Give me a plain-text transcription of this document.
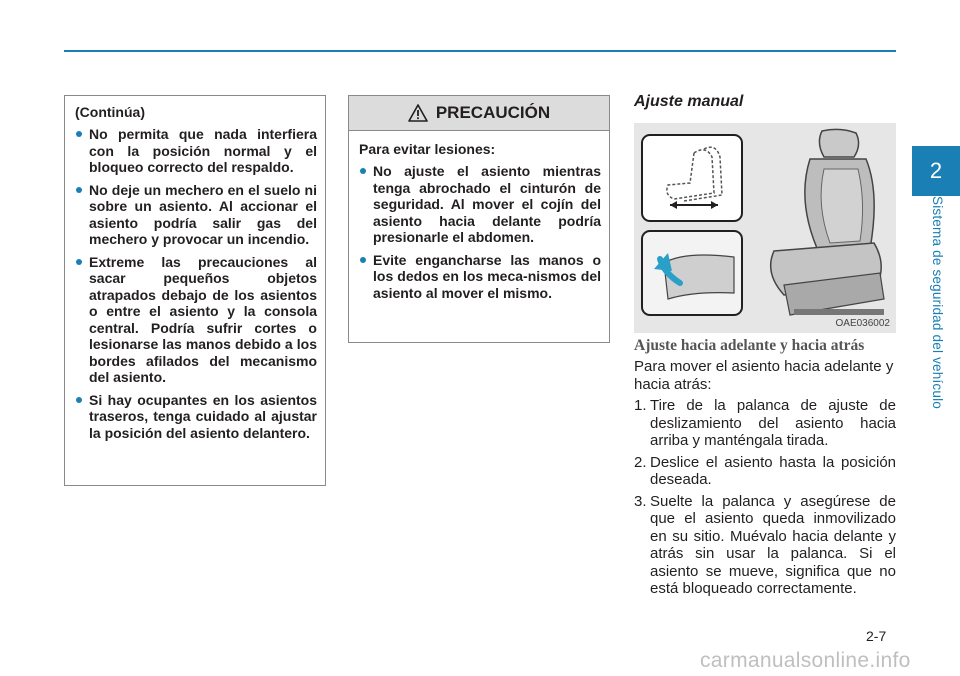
2
Sistema de seguridad del vehículo

(Continúa)

No permita que nada interfiera con la posición normal y el bloqueo correcto del respaldo.
No deje un mechero en el suelo ni sobre un asiento. Al accionar el asiento podría salir gas del mechero y provocar un incendio.
Extreme las precauciones al sacar pequeños objetos atrapados debajo de los asientos o entre el asiento y la consola central. Podría sufrir cortes o lesionarse las manos debido a los bordes afilados del mecanismo del asiento.
Si hay ocupantes en los asientos traseros, tenga cuidado al ajustar la posición del asiento delantero.
PRECAUCIÓN

Para evitar lesiones:

No ajuste el asiento mientras tenga abrochado el cinturón de seguridad. Al mover el cojín del asiento hacia delante podría presionarle el abdomen.
Evite engancharse las manos o los dedos en los meca-nismos del asiento al mover el mismo.
Ajuste manual
OAE036002
Ajuste hacia adelante y hacia atrás

Para mover el asiento hacia adelante y hacia atrás:

1. Tire de la palanca de ajuste de deslizamiento del asiento hacia arriba y manténgala tirada.
2. Deslice el asiento hasta la posición deseada.
3. Suelte la palanca y asegúrese de que el asiento queda inmovilizado en su sitio. Muévalo hacia delante y atrás sin usar la palanca. Si el asiento se mueve, significa que no está bloqueado correctamente.
2-7
carmanualsonline.info
